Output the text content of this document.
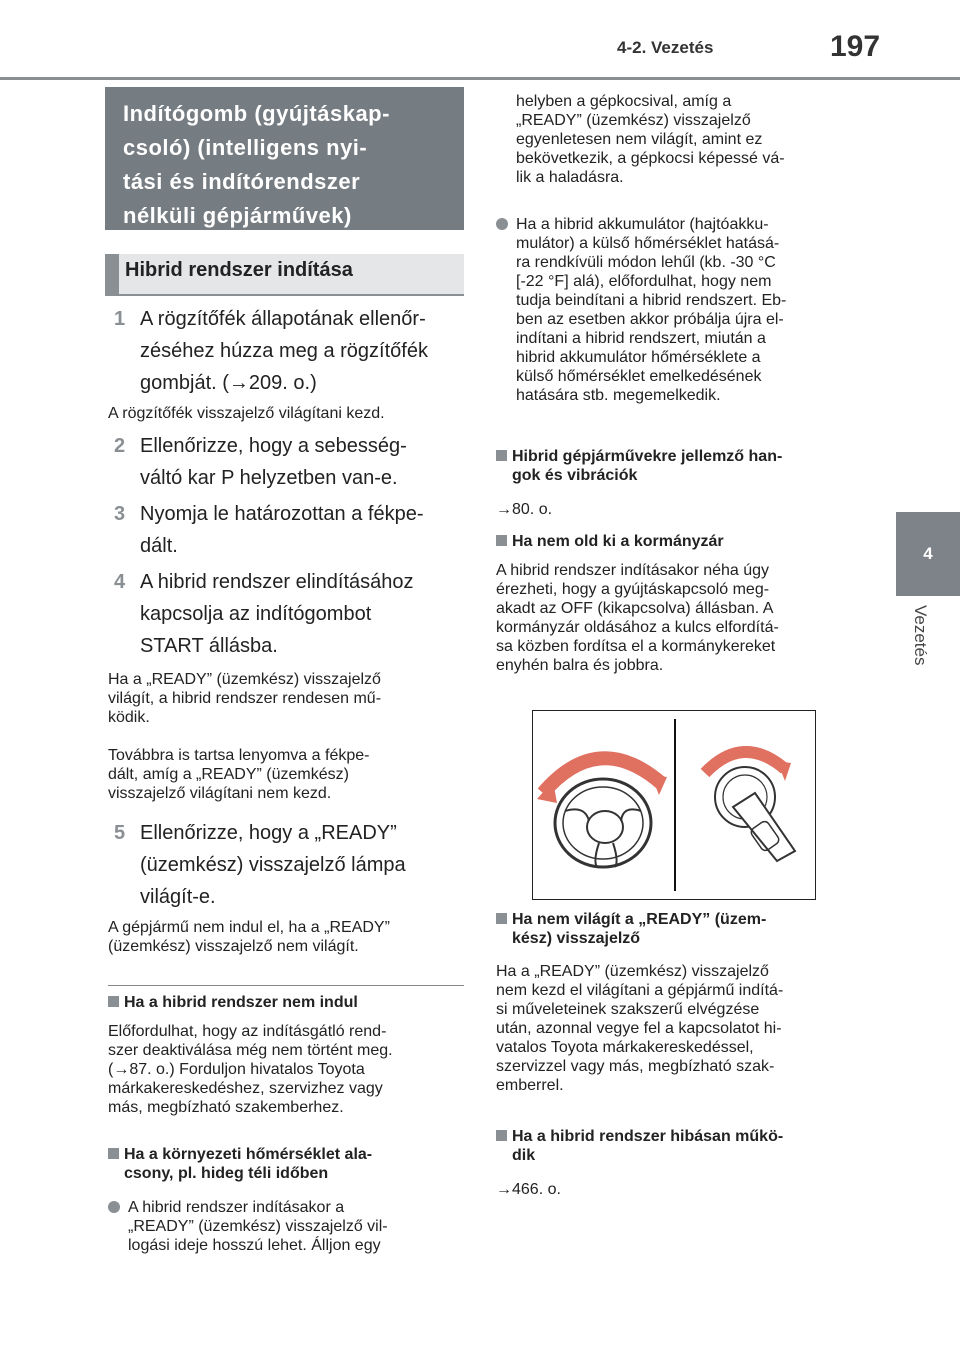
4-2. Vezetés	197
4
Vezetés
Indítógomb (gyújtáskap-
csoló) (intelligens nyi-
tási és indítórendszer
nélküli gépjárművek)
Hibrid rendszer indítása
1 A rögzítőfék állapotának ellenőr-
zéséhez húzza meg a rögzítőfék
gombját. (→209. o.)
A rögzítőfék visszajelző világítani kezd.
2 Ellenőrizze, hogy a sebesség-
váltó kar P helyzetben van-e.
3 Nyomja le határozottan a fékpe-
dált.
4 A hibrid rendszer elindításához
kapcsolja az indítógombot
START állásba.
Ha a „READY” (üzemkész) visszajelző
világít, a hibrid rendszer rendesen mű-
ködik.
Továbbra is tartsa lenyomva a fékpe-
dált, amíg a „READY” (üzemkész)
visszajelző világítani nem kezd.
5 Ellenőrizze, hogy a „READY”
(üzemkész) visszajelző lámpa
világít-e.
A gépjármű nem indul el, ha a „READY”
(üzemkész) visszajelző nem világít.
Ha a hibrid rendszer nem indul
Előfordulhat, hogy az indításgátló rend-
szer deaktiválása még nem történt meg.
(→87. o.) Forduljon hivatalos Toyota
márkakereskedéshez, szervizhez vagy
más, megbízható szakemberhez.
Ha a környezeti hőmérséklet ala-
csony, pl. hideg téli időben
A hibrid rendszer indításakor a
„READY” (üzemkész) visszajelző vil-
logási ideje hosszú lehet. Álljon egy
helyben a gépkocsival, amíg a
„READY” (üzemkész) visszajelző
egyenletesen nem világít, amint ez
bekövetkezik, a gépkocsi képessé vá-
lik a haladásra.
Ha a hibrid akkumulátor (hajtóakku-
mulátor) a külső hőmérséklet hatásá-
ra rendkívüli módon lehűl (kb. -30 °C
[-22 °F] alá), előfordulhat, hogy nem
tudja beindítani a hibrid rendszert. Eb-
ben az esetben akkor próbálja újra el-
indítani a hibrid rendszert, miután a
hibrid akkumulátor hőmérséklete a
külső hőmérséklet emelkedésének
hatására stb. megemelkedik.
Hibrid gépjárművekre jellemző han-
gok és vibrációk
→80. o.
Ha nem old ki a kormányzár
A hibrid rendszer indításakor néha úgy
érezheti, hogy a gyújtáskapcsoló meg-
akadt az OFF (kikapcsolva) állásban. A
kormányzár oldásához a kulcs elfordítá-
sa közben fordítsa el a kormánykereket
enyhén balra és jobbra.
Ha nem világít a „READY” (üzem-
kész) visszajelző
Ha a „READY” (üzemkész) visszajelző
nem kezd el világítani a gépjármű indítá-
si műveleteinek szakszerű elvégzése
után, azonnal vegye fel a kapcsolatot hi-
vatalos Toyota márkakereskedéssel,
szervizzel vagy más, megbízható szak-
emberrel.
Ha a hibrid rendszer hibásan műkö-
dik
→466. o.
